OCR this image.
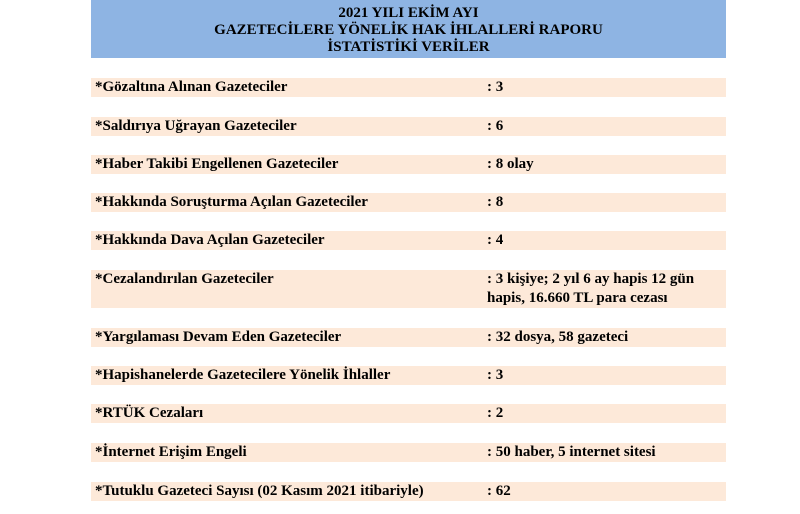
2021 YILI EKİM AYI
GAZETECİLERE YÖNELİK HAK İHLALLERİ RAPORU
İSTATİSTİKİ VERİLER
*Gözaltına Alınan Gazeteciler	: 3
*Saldırıya Uğrayan Gazeteciler	: 6
*Haber Takibi Engellenen Gazeteciler	: 8 olay
*Hakkında Soruşturma Açılan Gazeteciler	: 8
*Hakkında Dava Açılan Gazeteciler	: 4
*Cezalandırılan Gazeteciler	: 3 kişiye; 2 yıl 6 ay hapis 12 gün hapis, 16.660 TL para cezası
*Yargılaması Devam Eden Gazeteciler	: 32 dosya, 58 gazeteci
*Hapishanelerde Gazetecilere Yönelik İhlaller	: 3
*RTÜK Cezaları	: 2
*İnternet Erişim Engeli	: 50 haber, 5 internet sitesi
*Tutuklu Gazeteci Sayısı (02 Kasım 2021 itibariyle)	: 62
